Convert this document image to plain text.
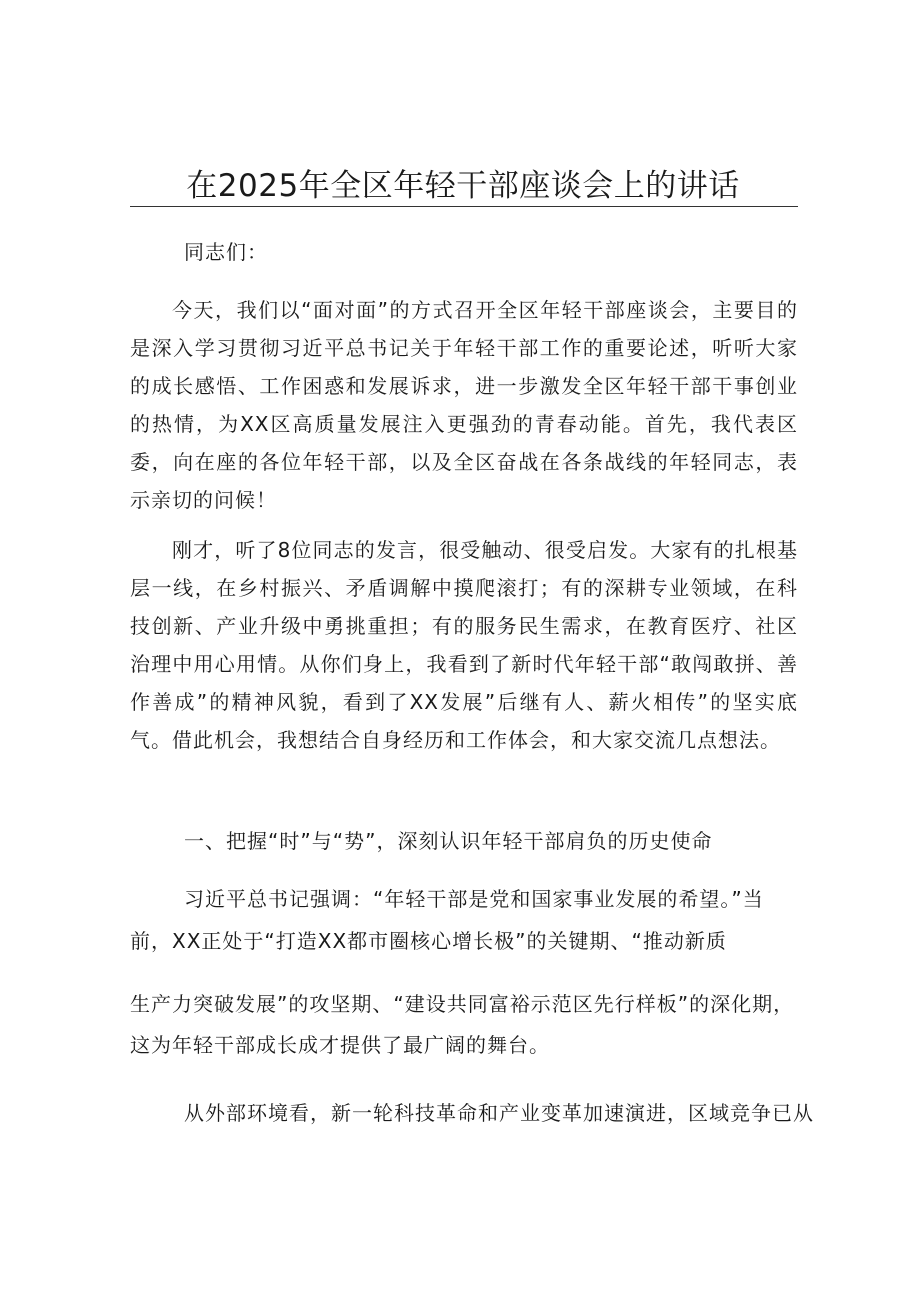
在2025年全区年轻干部座谈会上的讲话

同志们：

今天，我们以“面对面”的方式召开全区年轻干部座谈会，主要目的是深入学习贯彻习近平总书记关于年轻干部工作的重要论述，听听大家的成长感悟、工作困惑和发展诉求，进一步激发全区年轻干部干事创业的热情，为XX区高质量发展注入更强劲的青春动能。首先，我代表区委，向在座的各位年轻干部，以及全区奋战在各条战线的年轻同志，表示亲切的问候！

刚才，听了8位同志的发言，很受触动、很受启发。大家有的扎根基层一线，在乡村振兴、矛盾调解中摸爬滚打；有的深耕专业领域，在科技创新、产业升级中勇挑重担；有的服务民生需求，在教育医疗、社区治理中用心用情。从你们身上，我看到了新时代年轻干部“敢闯敢拼、善作善成”的精神风貌，看到了XX发展”后继有人、薪火相传”的坚实底气。借此机会，我想结合自身经历和工作体会，和大家交流几点想法。

一、把握“时”与“势”，深刻认识年轻干部肩负的历史使命

习近平总书记强调：“年轻干部是党和国家事业发展的希望。”当

前，XX正处于“打造XX都市圈核心增长极”的关键期、“推动新质

生产力突破发展”的攻坚期、“建设共同富裕示范区先行样板”的深化期，

这为年轻干部成长成才提供了最广阔的舞台。

从外部环境看，新一轮科技革命和产业变革加速演进，区域竞争已从
